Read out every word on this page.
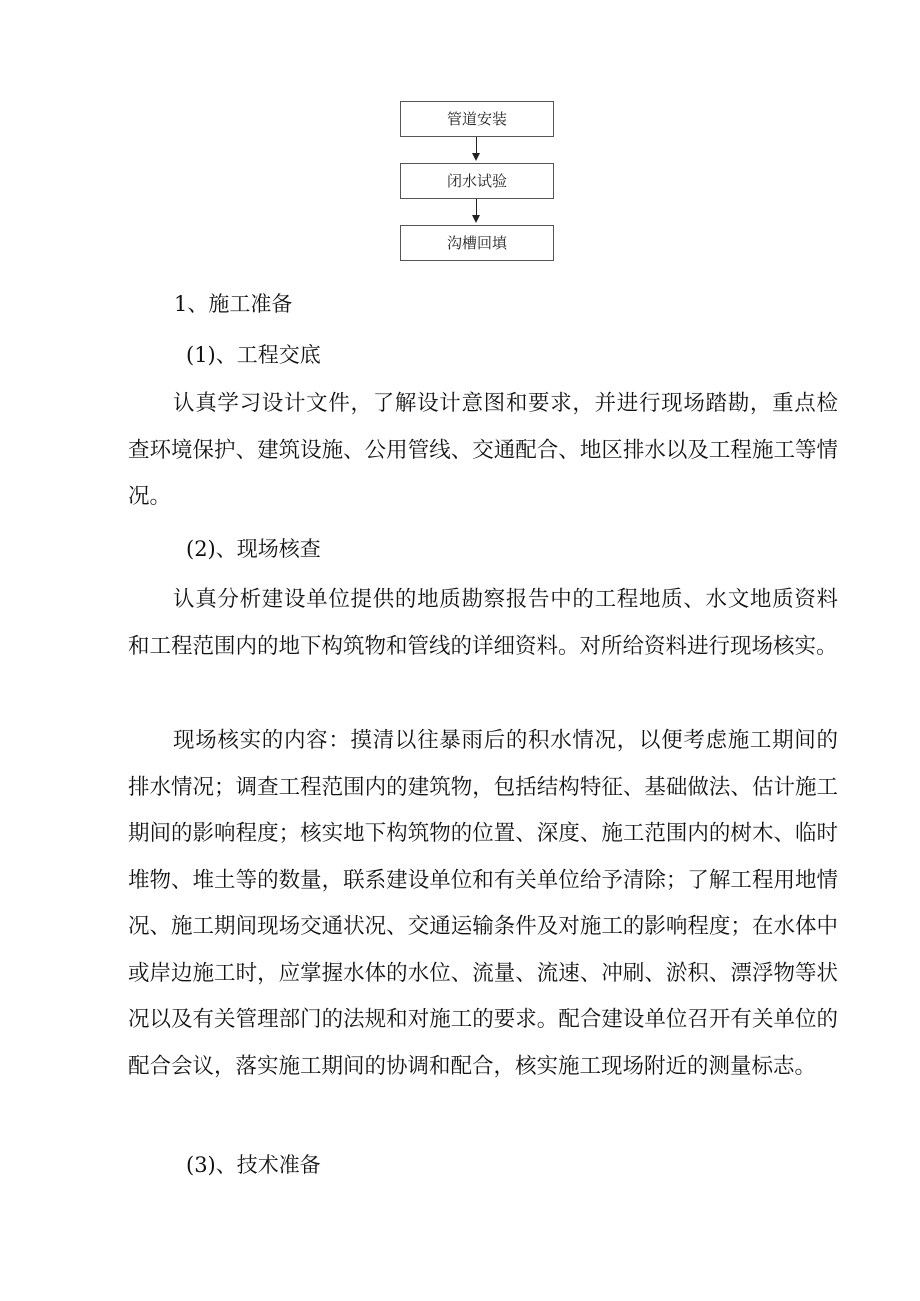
管道安装
闭水试验
沟槽回填
1、施工准备
(1)、工程交底
认真学习设计文件，了解设计意图和要求，并进行现场踏勘，重点检查环境保护、建筑设施、公用管线、交通配合、地区排水以及工程施工等情况。
(2)、现场核查
认真分析建设单位提供的地质勘察报告中的工程地质、水文地质资料和工程范围内的地下构筑物和管线的详细资料。对所给资料进行现场核实。
现场核实的内容：摸清以往暴雨后的积水情况，以便考虑施工期间的排水情况；调查工程范围内的建筑物，包括结构特征、基础做法、估计施工期间的影响程度；核实地下构筑物的位置、深度、施工范围内的树木、临时堆物、堆土等的数量，联系建设单位和有关单位给予清除；了解工程用地情况、施工期间现场交通状况、交通运输条件及对施工的影响程度；在水体中或岸边施工时，应掌握水体的水位、流量、流速、冲刷、淤积、漂浮物等状况以及有关管理部门的法规和对施工的要求。配合建设单位召开有关单位的配合会议，落实施工期间的协调和配合，核实施工现场附近的测量标志。
(3)、技术准备
